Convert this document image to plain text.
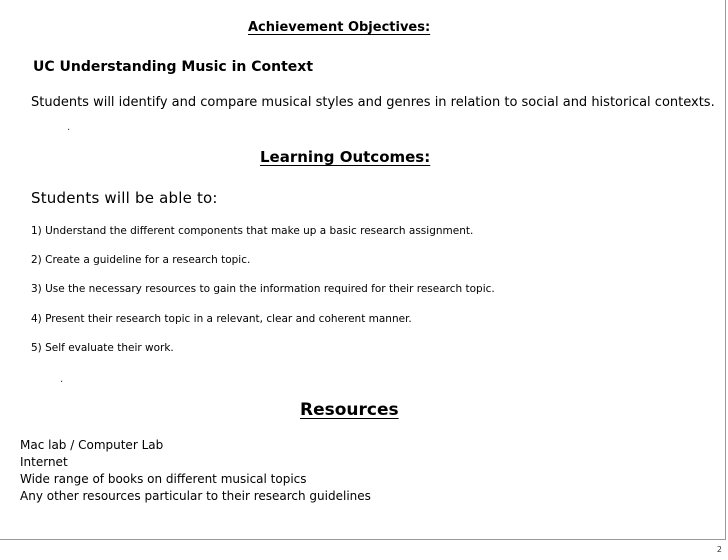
Achievement Objectives:
UC Understanding Music in Context
Students will identify and compare musical styles and genres in relation to social and historical contexts.
.
Learning Outcomes:
Students will be able to:
1) Understand the different components that make up a basic research assignment.
2) Create a guideline for a research topic.
3) Use the necessary resources to gain the information required for their research topic.
4) Present their research topic in a relevant, clear and coherent manner.
5) Self evaluate their work.
.
Resources
Mac lab / Computer Lab
Internet
Wide range of books on different musical topics
Any other resources particular to their research guidelines
2
